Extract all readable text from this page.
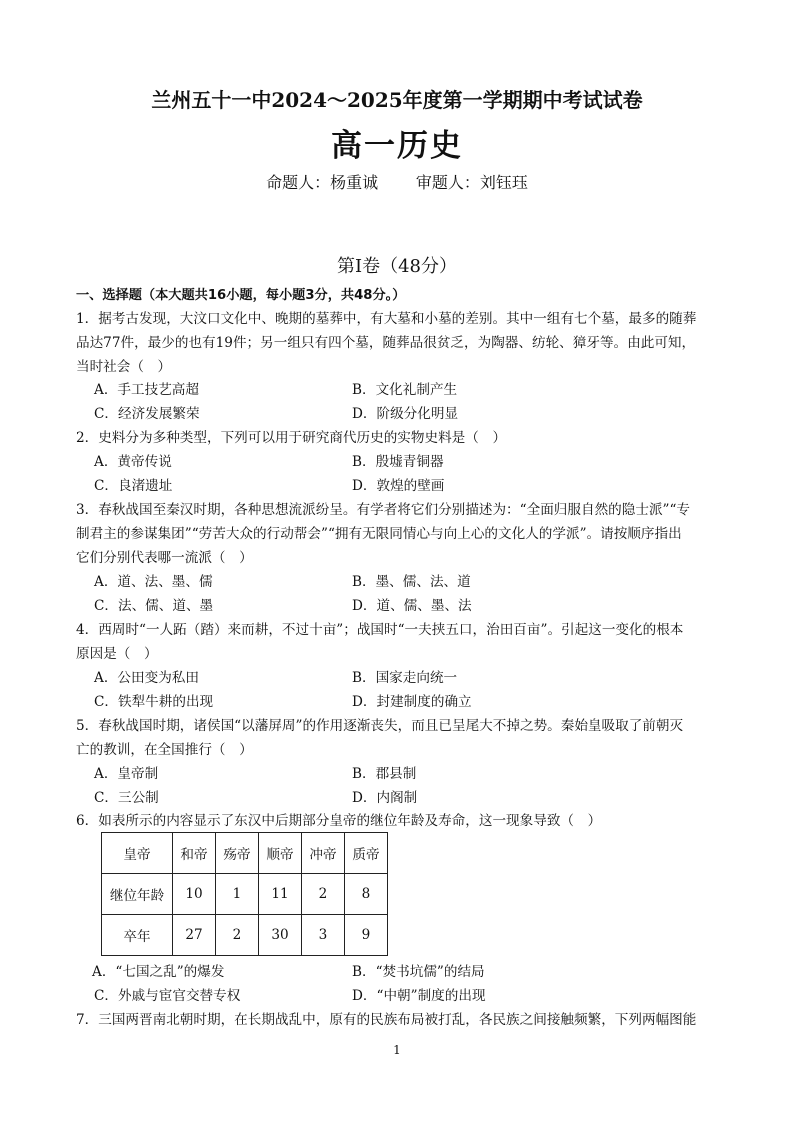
兰州五十一中2024～2025年度第一学期期中考试试卷
高一历史
命题人：杨重诚 审题人：刘钰珏
第Ⅰ卷（48分）
一、选择题（本大题共16小题，每小题3分，共48分。）
1．据考古发现，大汶口文化中、晚期的墓葬中，有大墓和小墓的差别。其中一组有七个墓，最多的随葬
品达77件，最少的也有19件；另一组只有四个墓，随葬品很贫乏，为陶器、纺轮、獐牙等。由此可知，
当时社会（　）
A．手工技艺高超	B．文化礼制产生
C．经济发展繁荣	D．阶级分化明显
2．史料分为多种类型，下列可以用于研究商代历史的实物史料是（　）
A．黄帝传说	B．殷墟青铜器
C．良渚遗址	D．敦煌的壁画
3．春秋战国至秦汉时期，各种思想流派纷呈。有学者将它们分别描述为：“全面归服自然的隐士派”“专
制君主的参谋集团”“劳苦大众的行动帮会”“拥有无限同情心与向上心的文化人的学派”。请按顺序指出
它们分别代表哪一流派（　）
A．道、法、墨、儒	B．墨、儒、法、道
C．法、儒、道、墨	D．道、儒、墨、法
4．西周时“一人跖（踏）来而耕，不过十亩”；战国时“一夫挟五口，治田百亩”。引起这一变化的根本
原因是（　）
A．公田变为私田	B．国家走向统一
C．铁犁牛耕的出现	D．封建制度的确立
5．春秋战国时期，诸侯国“以藩屏周”的作用逐渐丧失，而且已呈尾大不掉之势。秦始皇吸取了前朝灭
亡的教训，在全国推行（　）
A．皇帝制	B．郡县制
C．三公制	D．内阁制
6．如表所示的内容显示了东汉中后期部分皇帝的继位年龄及寿命，这一现象导致（　）
皇帝	和帝	殇帝	顺帝	冲帝	质帝
继位年龄	10	1	11	2	8
卒年	27	2	30	3	9
A．“七国之乱”的爆发	B．“焚书坑儒”的结局
C．外戚与宦官交替专权	D．“中朝”制度的出现
7．三国两晋南北朝时期，在长期战乱中，原有的民族布局被打乱，各民族之间接触频繁，下列两幅图能
1
